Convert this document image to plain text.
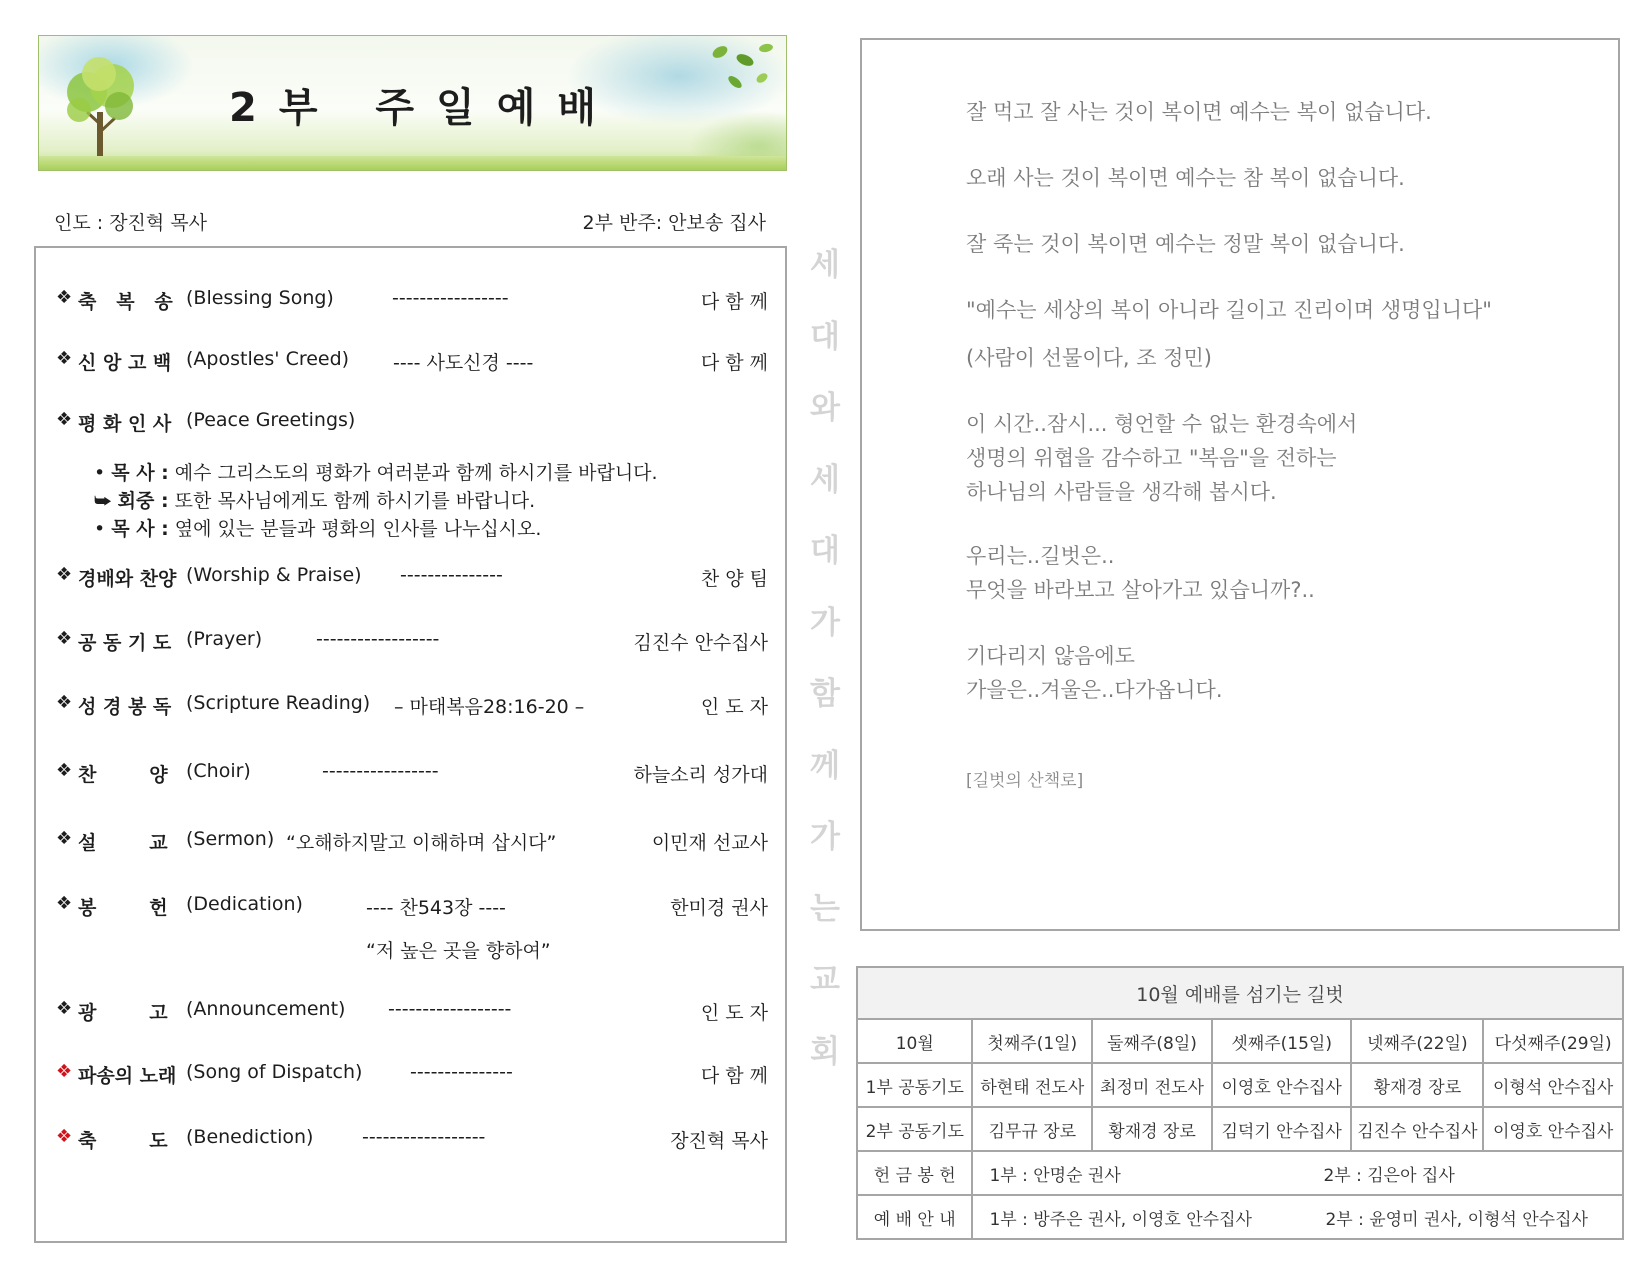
2부 주일예배
인도 : 장진혁 목사	2부 반주: 안보송 집사
❖ 축   복   송 (Blessing Song)	-----------------	다 함 께
❖ 신 앙 고 백 (Apostles' Creed) ---- 사도신경 ----	다 함 께
❖ 평 화 인 사 (Peace Greetings)
❖ 경배와 찬양 (Worship & Praise) ---------------	찬 양 팀
❖ 공 동 기 도 (Prayer)	------------------	김진수 안수집사
❖ 성 경 봉 독 (Scripture Reading) – 마태복음28:16-20 –	인 도 자
❖ 찬        양 (Choir)	-----------------	하늘소리 성가대
❖ 설        교 (Sermon) “오해하지말고 이해하며 삽시다”	이민재 선교사
❖ 봉        헌 (Dedication)	---- 찬543장 ----	한미경 권사
❖ 광        고 (Announcement) ------------------	인 도 자
❖ 파송의 노래 (Song of Dispatch)	---------------	다 함 께
❖ 축        도 (Benediction)	------------------	장진혁 목사
• 목 사 : 예수 그리스도의 평화가 여러분과 함께 하시기를 바랍니다.
⮩ 회중 : 또한 목사님에게도 함께 하시기를 바랍니다.
• 목 사 : 옆에 있는 분들과 평화의 인사를 나누십시오.
“저 높은 곳을 향하여”
세
대
와
세
대
가
함
께
가
는
교
회
잘 먹고 잘 사는 것이 복이면 예수는 복이 없습니다.
오래 사는 것이 복이면 예수는 참 복이 없습니다.
잘 죽는 것이 복이면 예수는 정말 복이 없습니다.
"예수는 세상의 복이 아니라 길이고 진리이며 생명입니다"
(사람이 선물이다, 조 정민)
이 시간..잠시... 형언할 수 없는 환경속에서
생명의 위협을 감수하고 "복음"을 전하는
하나님의 사람들을 생각해 봅시다.
우리는..길벗은..
무엇을 바라보고 살아가고 있습니까?..
기다리지 않음에도
가을은..겨울은..다가옵니다.
[길벗의 산책로]
10월 예배를 섬기는 길벗					
10월	첫째주(1일)	둘째주(8일)	셋째주(15일)	넷째주(22일)	다섯째주(29일)
1부 공동기도	하현태 전도사	최정미 전도사	이영호 안수집사	황재경 장로	이형석 안수집사
2부 공동기도	김무규 장로	황재경 장로	김덕기 안수집사	김진수 안수집사	이영호 안수집사
헌 금 봉 헌	1부 : 안명순 권사 2부 : 김은아 집사				
예 배 안 내	1부 : 방주은 권사, 이영호 안수집사 2부 : 윤영미 권사, 이형석 안수집사				
